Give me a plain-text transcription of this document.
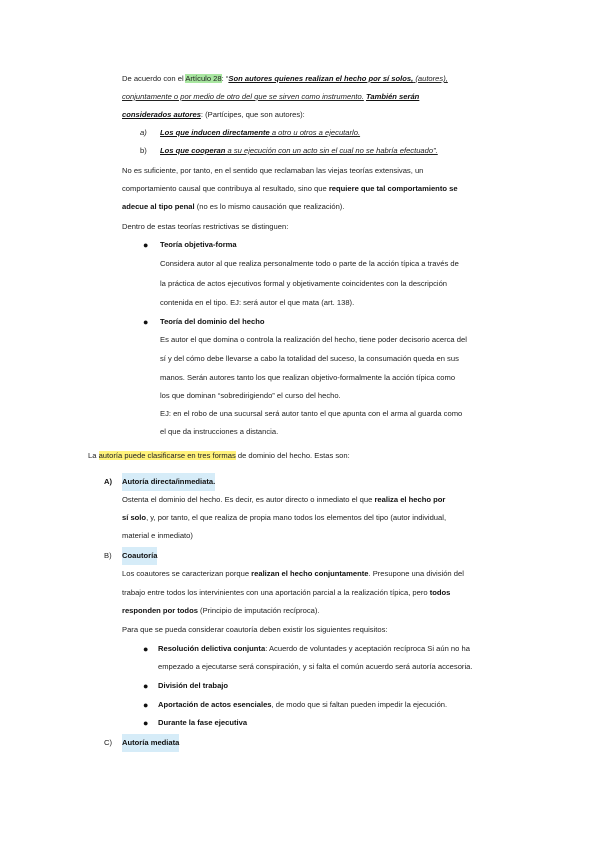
De acuerdo con el Artículo 28: “Son autores quienes realizan el hecho por sí solos, (autores),
conjuntamente o por medio de otro del que se sirven como instrumento. También serán
considerados autores: (Partícipes, que son autores):
a) Los que inducen directamente a otro u otros a ejecutarlo.
b) Los que cooperan a su ejecución con un acto sin el cual no se habría efectuado”.
No es suficiente, por tanto, en el sentido que reclamaban las viejas teorías extensivas, un
comportamiento causal que contribuya al resultado, sino que requiere que tal comportamiento se
adecue al tipo penal (no es lo mismo causación que realización).
Dentro de estas teorías restrictivas se distinguen:
● Teoría objetiva-forma
Considera autor al que realiza personalmente todo o parte de la acción típica a través de
la práctica de actos ejecutivos formal y objetivamente coincidentes con la descripción
contenida en el tipo. EJ: será autor el que mata (art. 138).
● Teoría del dominio del hecho
Es autor el que domina o controla la realización del hecho, tiene poder decisorio acerca del
sí y del cómo debe llevarse a cabo la totalidad del suceso, la consumación queda en sus
manos. Serán autores tanto los que realizan objetivo-formalmente la acción típica como
los que dominan “sobredirigiendo” el curso del hecho.
EJ: en el robo de una sucursal será autor tanto el que apunta con el arma al guarda como
el que da instrucciones a distancia.
La autoría puede clasificarse en tres formas de dominio del hecho. Estas son:
A) Autoría directa/inmediata.
Ostenta el dominio del hecho. Es decir, es autor directo o inmediato el que realiza el hecho por
sí solo, y, por tanto, el que realiza de propia mano todos los elementos del tipo (autor individual,
material e inmediato)
B) Coautoría
Los coautores se caracterizan porque realizan el hecho conjuntamente. Presupone una división del
trabajo entre todos los intervinientes con una aportación parcial a la realización típica, pero todos
responden por todos (Principio de imputación recíproca).
Para que se pueda considerar coautoría deben existir los siguientes requisitos:
● Resolución delictiva conjunta: Acuerdo de voluntades y aceptación recíproca Si aún no ha
empezado a ejecutarse será conspiración, y si falta el común acuerdo será autoría accesoria.
● División del trabajo
● Aportación de actos esenciales, de modo que si faltan pueden impedir la ejecución.
● Durante la fase ejecutiva
C) Autoría mediata
